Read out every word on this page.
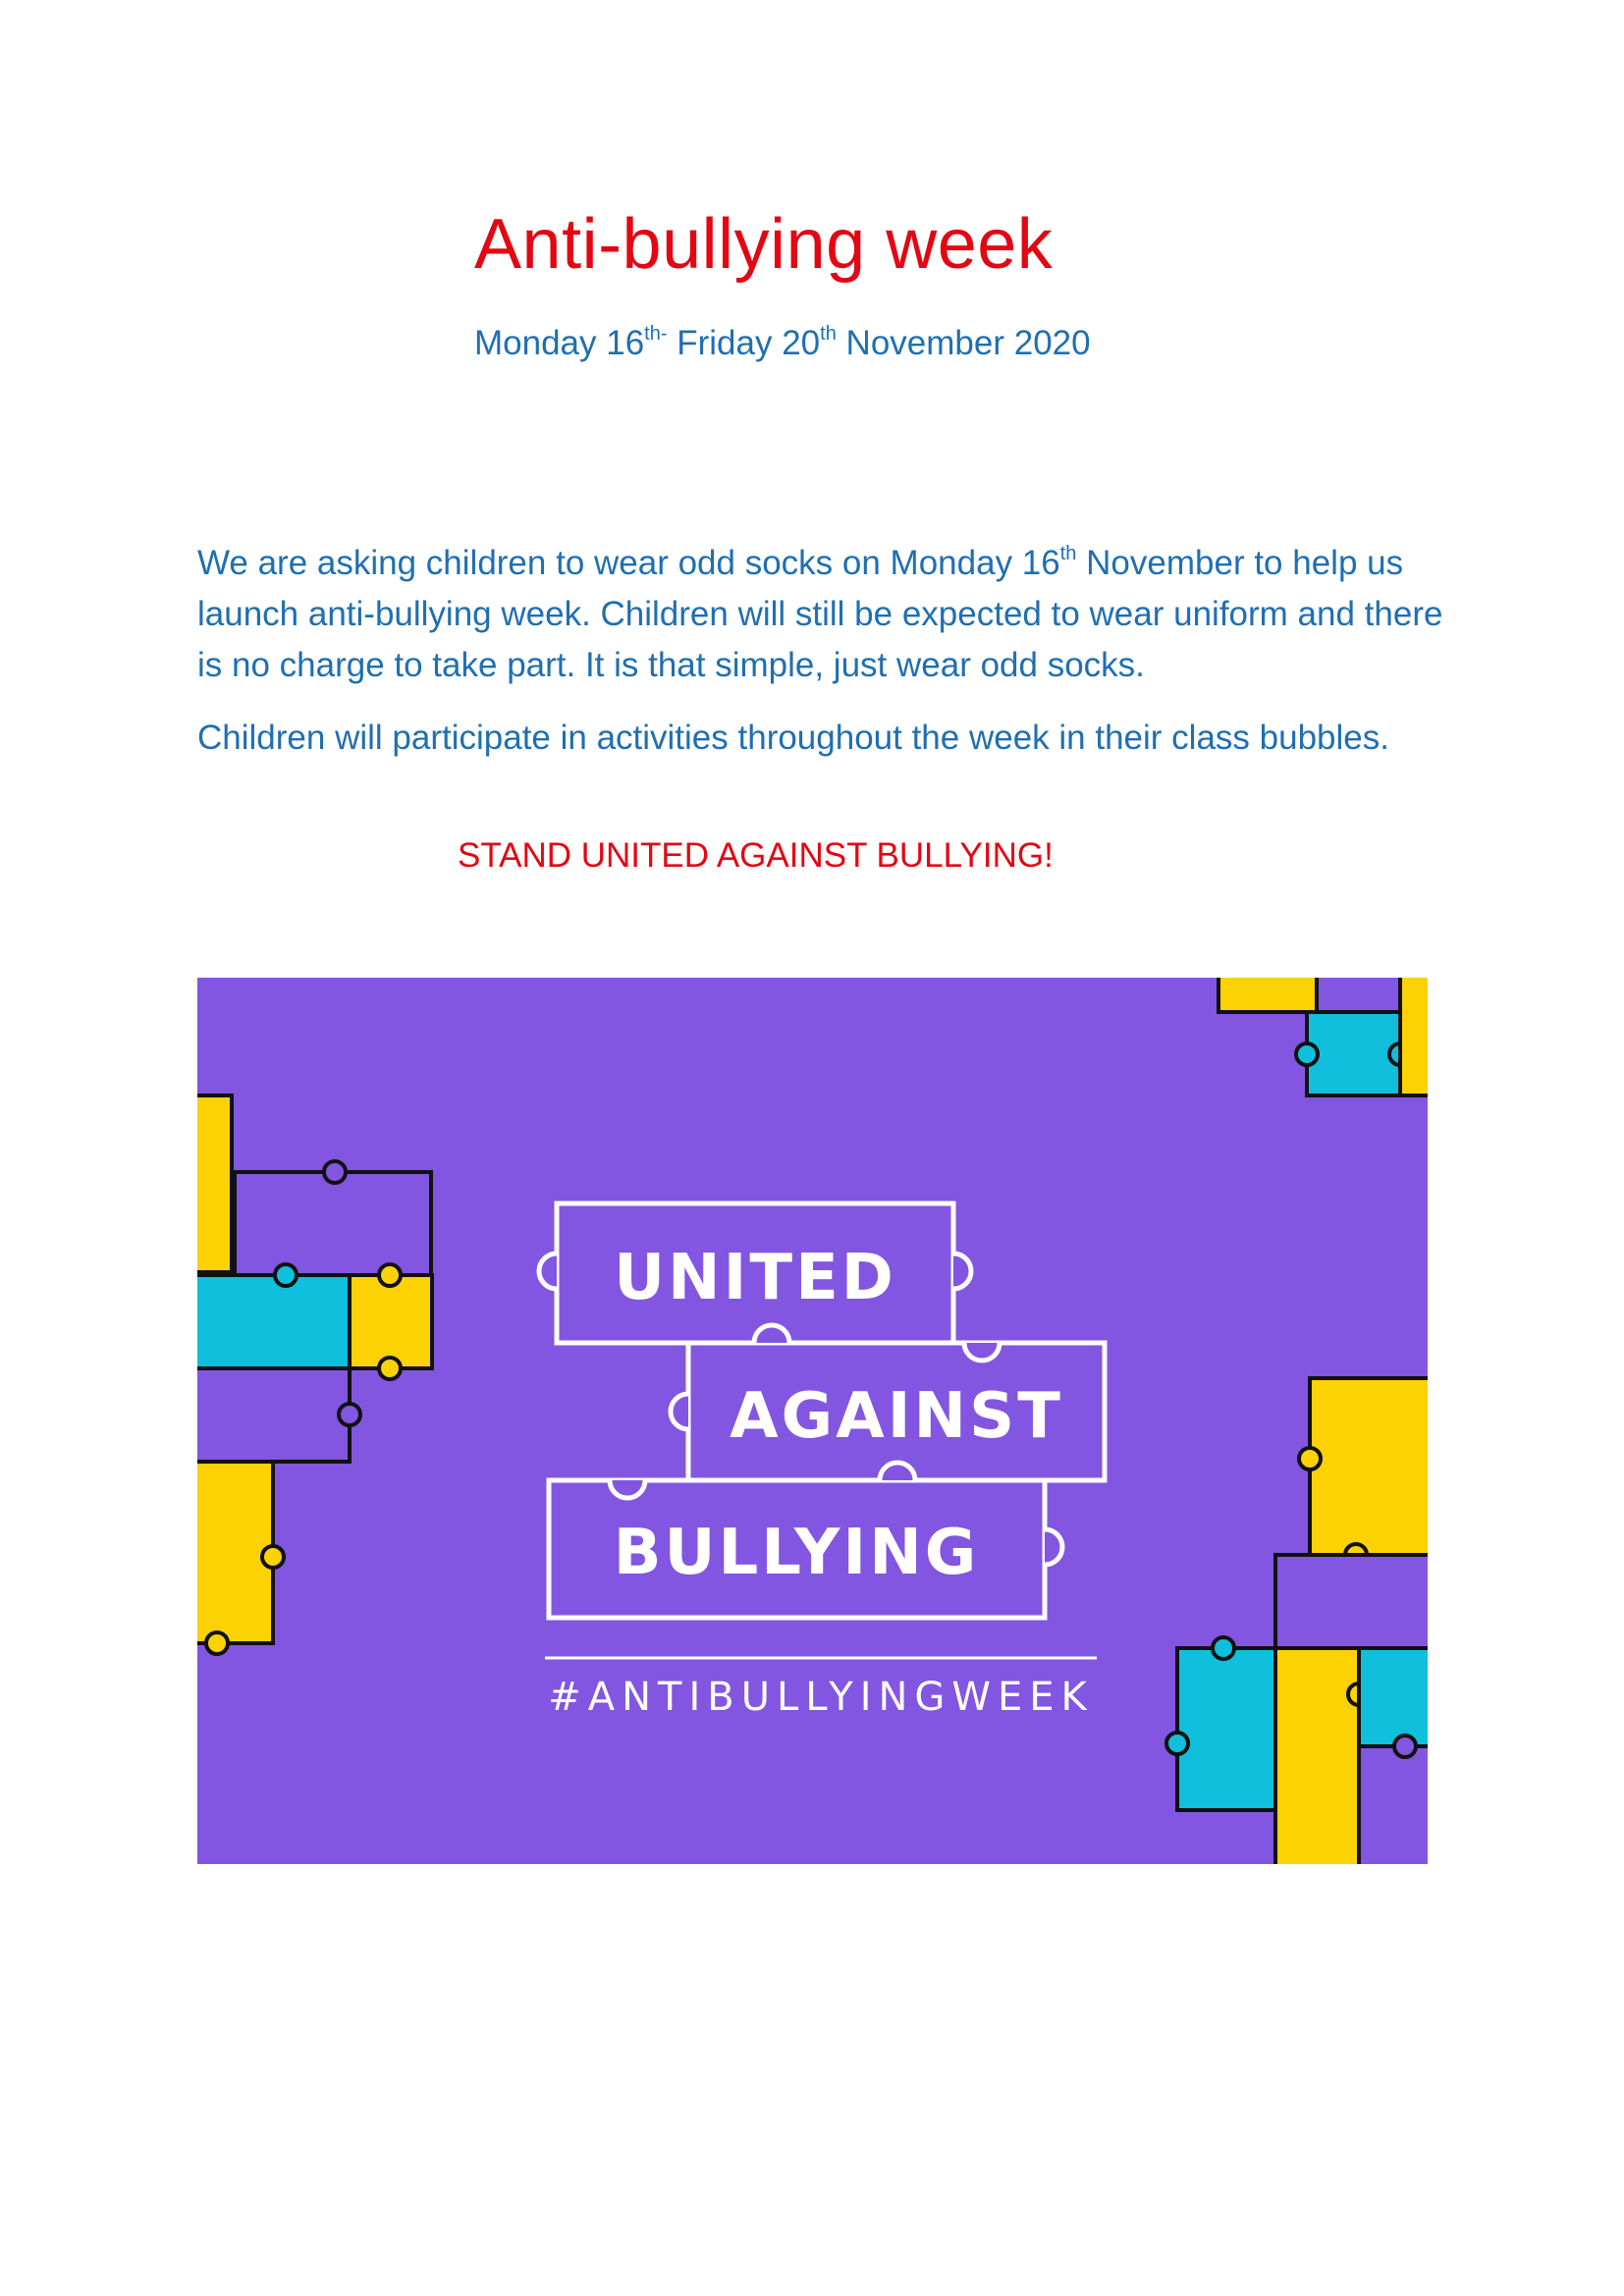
Anti-bullying week
Monday $16^{th-}$ Friday 20th November 2020

We are asking children to wear odd socks on Monday 16th November to help us launch anti-bullying week. Children will still be expected to wear uniform and there is no charge to take part. It is that simple, just wear odd socks.

Children will participate in activities throughout the week in their class bubbles.

STAND UNITED AGAINST BULLYING!
UNITED
AGAINST
BULLYING
#ANTIBULLYINGWEEK
